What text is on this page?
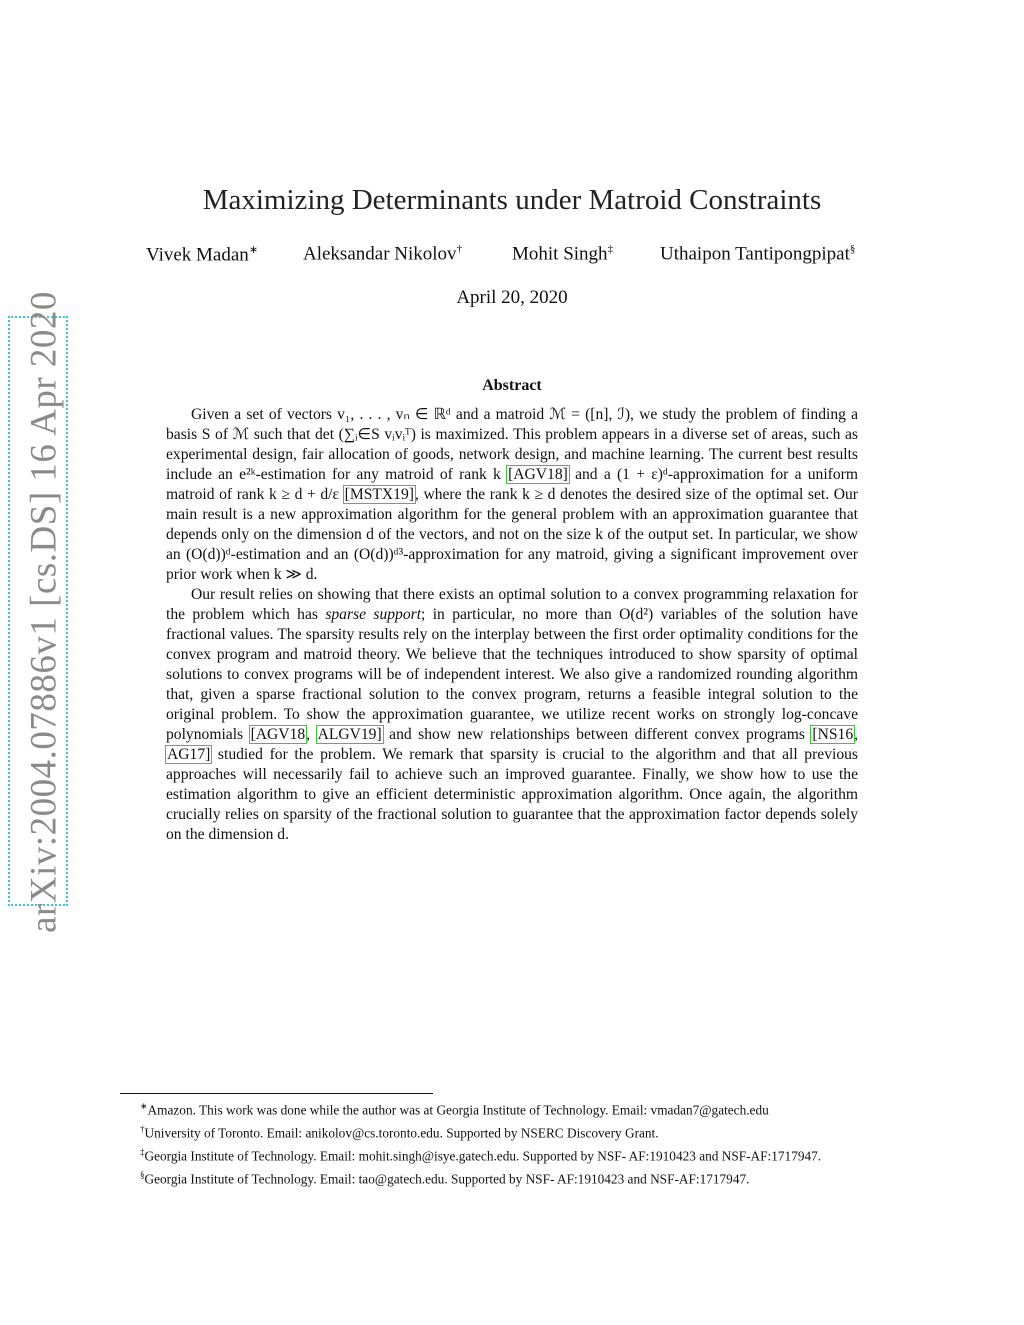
arXiv:2004.07886v1 [cs.DS] 16 Apr 2020
Maximizing Determinants under Matroid Constraints
Vivek Madan∗ Aleksandar Nikolov†	Mohit Singh‡ Uthaipon Tantipongpipat§
April 20, 2020
Abstract

Given a set of vectors v₁, . . . , vₙ ∈ ℝᵈ and a matroid ℳ = ([n], ℐ), we study the problem of finding a basis S of ℳ such that det (∑ᵢ∈S vᵢvᵢᵀ) is maximized. This problem appears in a diverse set of areas, such as experimental design, fair allocation of goods, network design, and machine learning. The current best results include an e²ᵏ-estimation for any matroid of rank k [AGV18] and a (1 + ε)ᵈ-approximation for a uniform matroid of rank k ≥ d + d/ε [MSTX19], where the rank k ≥ d denotes the desired size of the optimal set. Our main result is a new approximation algorithm for the general problem with an approximation guarantee that depends only on the dimension d of the vectors, and not on the size k of the output set. In particular, we show an (O(d))ᵈ-estimation and an (O(d))ᵈ³-approximation for any matroid, giving a significant improvement over prior work when k ≫ d.

Our result relies on showing that there exists an optimal solution to a convex programming relaxation for the problem which has sparse support; in particular, no more than O(d²) variables of the solution have fractional values. The sparsity results rely on the interplay between the first order optimality conditions for the convex program and matroid theory. We believe that the techniques introduced to show sparsity of optimal solutions to convex programs will be of independent interest. We also give a randomized rounding algorithm that, given a sparse fractional solution to the convex program, returns a feasible integral solution to the original problem. To show the approximation guarantee, we utilize recent works on strongly log-concave polynomials [AGV18, ALGV19] and show new relationships between different convex programs [NS16, AG17] studied for the problem. We remark that sparsity is crucial to the algorithm and that all previous approaches will necessarily fail to achieve such an improved guarantee. Finally, we show how to use the estimation algorithm to give an efficient deterministic approximation algorithm. Once again, the algorithm crucially relies on sparsity of the fractional solution to guarantee that the approximation factor depends solely on the dimension d.

∗Amazon. This work was done while the author was at Georgia Institute of Technology. Email: vmadan7@gatech.edu

†University of Toronto. Email: anikolov@cs.toronto.edu. Supported by NSERC Discovery Grant.

‡Georgia Institute of Technology. Email: mohit.singh@isye.gatech.edu. Supported by NSF- AF:1910423 and NSF-AF:1717947.

§Georgia Institute of Technology. Email: tao@gatech.edu. Supported by NSF- AF:1910423 and NSF-AF:1717947.
